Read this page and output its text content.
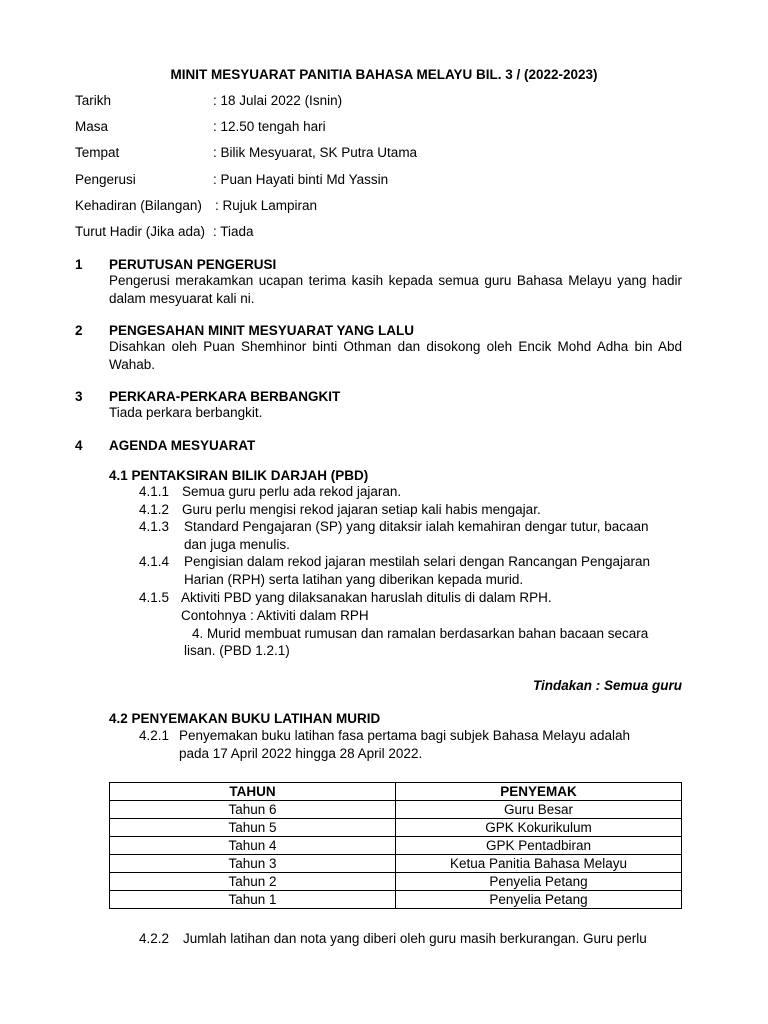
MINIT MESYUARAT PANITIA BAHASA MELAYU BIL. 3 / (2022-2023)
Tarikh	: 18 Julai 2022 (Isnin)
Masa	: 12.50 tengah hari
Tempat	: Bilik Mesyuarat, SK Putra Utama
Pengerusi	: Puan Hayati binti Md Yassin
Kehadiran (Bilangan) : Rujuk Lampiran
Turut Hadir (Jika ada) : Tiada
1 PERUTUSAN PENGERUSI
Pengerusi merakamkan ucapan terima kasih kepada semua guru Bahasa Melayu yang hadir dalam mesyuarat kali ni.
2 PENGESAHAN MINIT MESYUARAT YANG LALU
Disahkan oleh Puan Shemhinor binti Othman dan disokong oleh Encik Mohd Adha bin Abd Wahab.
3 PERKARA-PERKARA BERBANGKIT
Tiada perkara berbangkit.
4 AGENDA MESYUARAT
4.1 PENTAKSIRAN BILIK DARJAH (PBD)
4.1.1 Semua guru perlu ada rekod jajaran.
4.1.2 Guru perlu mengisi rekod jajaran setiap kali habis mengajar.
4.1.3 Standard Pengajaran (SP) yang ditaksir ialah kemahiran dengar tutur, bacaan
dan juga menulis.
4.1.4 Pengisian dalam rekod jajaran mestilah selari dengan Rancangan Pengajaran
Harian (RPH) serta latihan yang diberikan kepada murid.
4.1.5 Aktiviti PBD yang dilaksanakan haruslah ditulis di dalam RPH.
Contohnya : Aktiviti dalam RPH
4. Murid membuat rumusan dan ramalan berdasarkan bahan bacaan secara
lisan. (PBD 1.2.1)
Tindakan : Semua guru
4.2 PENYEMAKAN BUKU LATIHAN MURID
4.2.1 Penyemakan buku latihan fasa pertama bagi subjek Bahasa Melayu adalah
pada 17 April 2022 hingga 28 April 2022.
TAHUN	PENYEMAK
Tahun 6	Guru Besar
Tahun 5	GPK Kokurikulum
Tahun 4	GPK Pentadbiran
Tahun 3	Ketua Panitia Bahasa Melayu
Tahun 2	Penyelia Petang
Tahun 1	Penyelia Petang
4.2.2 Jumlah latihan dan nota yang diberi oleh guru masih berkurangan. Guru perlu
